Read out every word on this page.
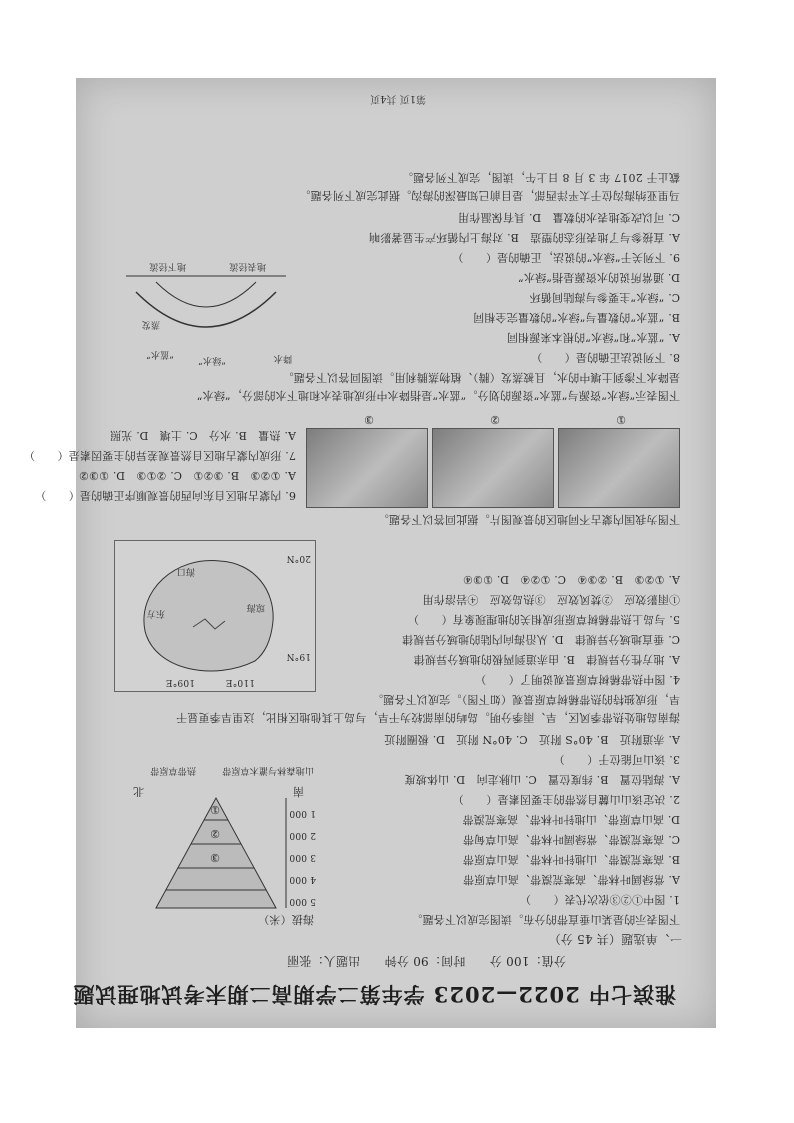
淮滨七中 2022—2023 学年第二学期高二期末考试地理试题
分值：100 分　　时间：90 分钟　　出题人：张丽
一、单选题（共 45 分）
下图表示的是某山垂直带的分布。读图完成以下各题。
1. 图中①②③依次代表（　　）
A. 常绿阔叶林带、高寒荒漠带、高山草原带
B. 高寒荒漠带、山地针叶林带、高山草原带
C. 高寒荒漠带、常绿阔叶林带、高山草甸带
D. 高山草原带、山地针叶林带、高寒荒漠带
2. 决定该山山麓自然带的主要因素是（　　）
A. 海陆位置　B. 纬度位置　C. 山脉走向　D. 山体坡度
3. 该山可能位于（　　）
A. 赤道附近　B. 40°S 附近　C. 40°N 附近　D. 极圈附近
海拔（米）
南
北
1 000
2 000
3 000
4 000
5 000
①
②
③
山地森林与灌木草原带
热带草原带
海南岛地处热带季风区，旱、雨季分明。岛屿的南部较为干旱，与岛上其他地区相比，这里旱季更显干
旱，形成独特的热带稀树草原景观（如下图）。完成以下各题。
4. 图中热带稀树草原景观说明了（　　）
A. 地方性分异规律　B. 由赤道到两极的地域分异规律
C. 垂直地域分异规律　D. 从沿海向内陆的地域分异规律
5. 与岛上热带稀树草原形成相关的地理现象有（　　）
①雨影效应　②焚风效应　③热岛效应　④岩溶作用
A. ①②③　B. ②③④　C. ①②④　D. ①③④
109°E	110°E
19°N
20°N
海口
东方
琼海
下图为我国内蒙古不同地区的景观图片。据此回答以下各题。
6. 内蒙古地区自东向西的景观顺序正确的是（　　）
A. ①②③　B. ③②①　C. ②①③　D. ①③②
7. 形成内蒙古地区自然景观差异的主要因素是（　　）
A. 热量　B. 水分　C. 土壤　D. 光照
①
②
③
下图表示“绿水”资源与“蓝水”资源的划分。“蓝水”是指降水中形成地表水和地下水的部分，“绿水”
是降水下渗到土壤中的水，且被蒸发（腾）、植物蒸腾利用。读图回答以下各题。
8. 下列说法正确的是（　　）
A. “蓝水”和“绿水”的根本来源相同
B. “蓝水”的数量与“绿水”的数量完全相同
C. “绿水”主要参与海陆间循环
D. 通常所说的水资源是指“绿水”
9. 下列关于“绿水”的说法，正确的是（　　）
A. 直接参与了地表形态的塑造　B. 对海上内循环产生显著影响
C. 可以改变地表水的数量　D. 具有保温作用
降水
“绿水”
“蓝水”
蒸发
地表径流
地下径流
马里亚纳海沟位于太平洋西部，是目前已知最深的海沟。据此完成下列各题。
截止于 2017 年 3 月 8 日上午，读图，完成下列各题。
第1页 共4页
